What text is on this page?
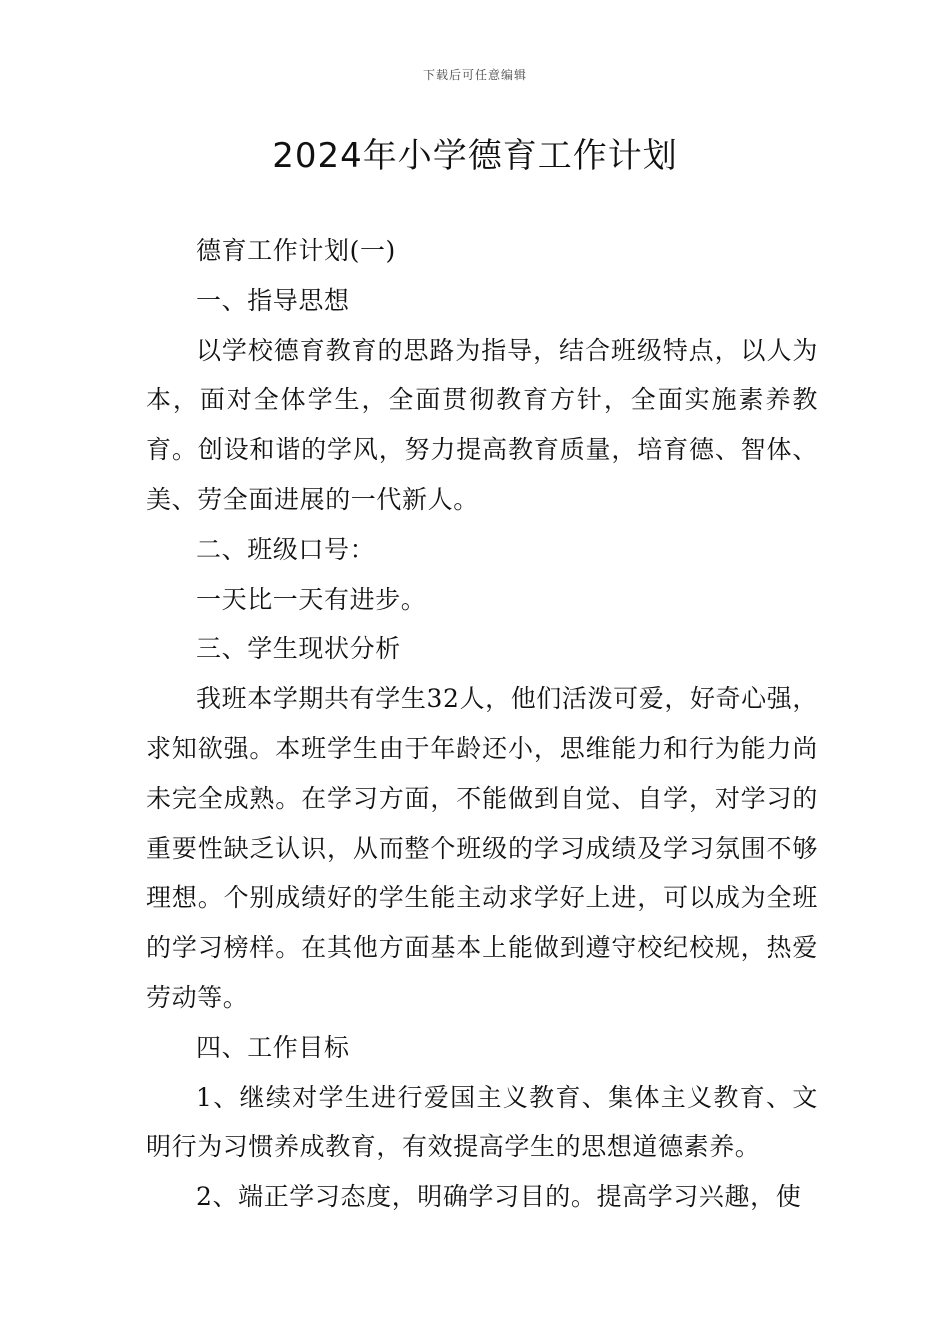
下载后可任意编辑
2024年小学德育工作计划

德育工作计划(一)

一、指导思想

以学校德育教育的思路为指导，结合班级特点，以人为本，面对全体学生，全面贯彻教育方针，全面实施素养教育。创设和谐的学风，努力提高教育质量，培育德、智体、美、劳全面进展的一代新人。

二、班级口号：

一天比一天有进步。

三、学生现状分析

我班本学期共有学生32人，他们活泼可爱，好奇心强，求知欲强。本班学生由于年龄还小，思维能力和行为能力尚未完全成熟。在学习方面，不能做到自觉、自学，对学习的重要性缺乏认识，从而整个班级的学习成绩及学习氛围不够理想。个别成绩好的学生能主动求学好上进，可以成为全班的学习榜样。在其他方面基本上能做到遵守校纪校规，热爱劳动等。

四、工作目标

1、继续对学生进行爱国主义教育、集体主义教育、文明行为习惯养成教育，有效提高学生的思想道德素养。

2、端正学习态度，明确学习目的。提高学习兴趣，使
